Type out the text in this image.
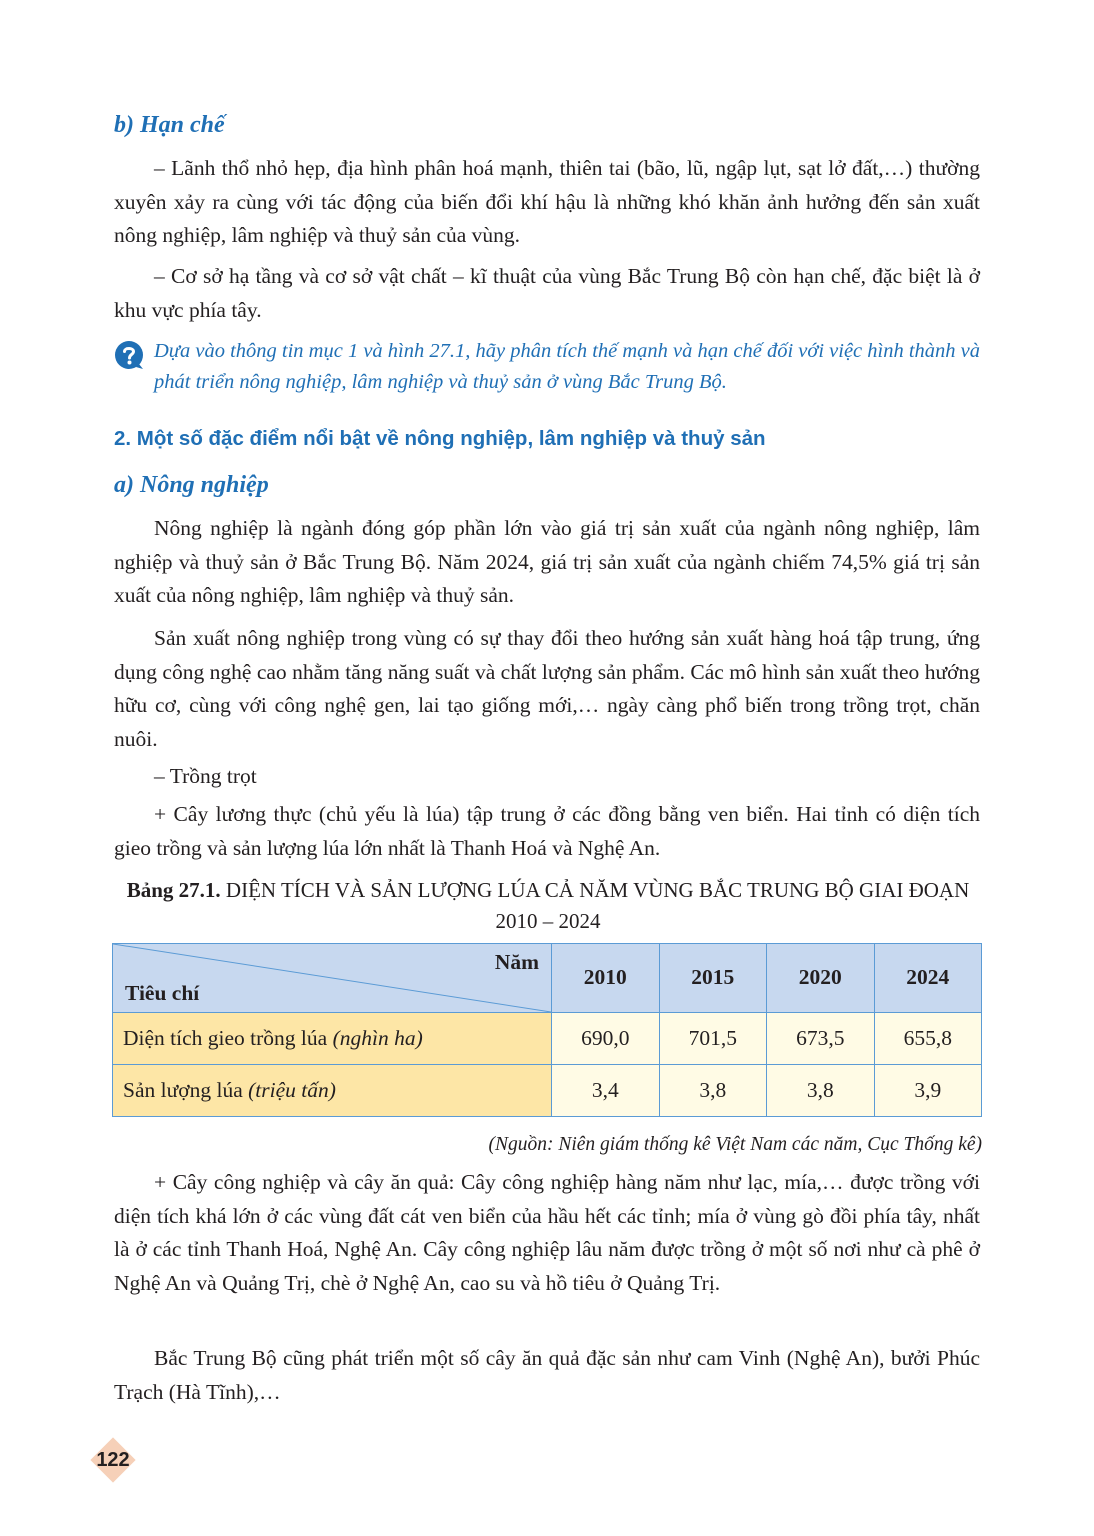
b) Hạn chế

– Lãnh thổ nhỏ hẹp, địa hình phân hoá mạnh, thiên tai (bão, lũ, ngập lụt, sạt lở đất,…) thường xuyên xảy ra cùng với tác động của biến đổi khí hậu là những khó khăn ảnh hưởng đến sản xuất nông nghiệp, lâm nghiệp và thuỷ sản của vùng.

– Cơ sở hạ tầng và cơ sở vật chất – kĩ thuật của vùng Bắc Trung Bộ còn hạn chế, đặc biệt là ở khu vực phía tây.

Dựa vào thông tin mục 1 và hình 27.1, hãy phân tích thế mạnh và hạn chế đối với việc hình thành và phát triển nông nghiệp, lâm nghiệp và thuỷ sản ở vùng Bắc Trung Bộ.

2. Một số đặc điểm nổi bật về nông nghiệp, lâm nghiệp và thuỷ sản
a) Nông nghiệp

Nông nghiệp là ngành đóng góp phần lớn vào giá trị sản xuất của ngành nông nghiệp, lâm nghiệp và thuỷ sản ở Bắc Trung Bộ. Năm 2024, giá trị sản xuất của ngành chiếm 74,5% giá trị sản xuất của nông nghiệp, lâm nghiệp và thuỷ sản.

Sản xuất nông nghiệp trong vùng có sự thay đổi theo hướng sản xuất hàng hoá tập trung, ứng dụng công nghệ cao nhằm tăng năng suất và chất lượng sản phẩm. Các mô hình sản xuất theo hướng hữu cơ, cùng với công nghệ gen, lai tạo giống mới,… ngày càng phổ biến trong trồng trọt, chăn nuôi.

– Trồng trọt

+ Cây lương thực (chủ yếu là lúa) tập trung ở các đồng bằng ven biển. Hai tỉnh có diện tích gieo trồng và sản lượng lúa lớn nhất là Thanh Hoá và Nghệ An.

Bảng 27.1. DIỆN TÍCH VÀ SẢN LƯỢNG LÚA CẢ NĂM VÙNG BẮC TRUNG BỘ GIAI ĐOẠN 2010 – 2024

Năm
Tiêu chí	2010	2015	2020	2024
Diện tích gieo trồng lúa (nghìn ha)	690,0	701,5	673,5	655,8
Sản lượng lúa (triệu tấn)	3,4	3,8	3,8	3,9

(Nguồn: Niên giám thống kê Việt Nam các năm, Cục Thống kê)

+ Cây công nghiệp và cây ăn quả: Cây công nghiệp hàng năm như lạc, mía,… được trồng với diện tích khá lớn ở các vùng đất cát ven biển của hầu hết các tỉnh; mía ở vùng gò đồi phía tây, nhất là ở các tỉnh Thanh Hoá, Nghệ An. Cây công nghiệp lâu năm được trồng ở một số nơi như cà phê ở Nghệ An và Quảng Trị, chè ở Nghệ An, cao su và hồ tiêu ở Quảng Trị.

Bắc Trung Bộ cũng phát triển một số cây ăn quả đặc sản như cam Vinh (Nghệ An), bưởi Phúc Trạch (Hà Tĩnh),…

122
